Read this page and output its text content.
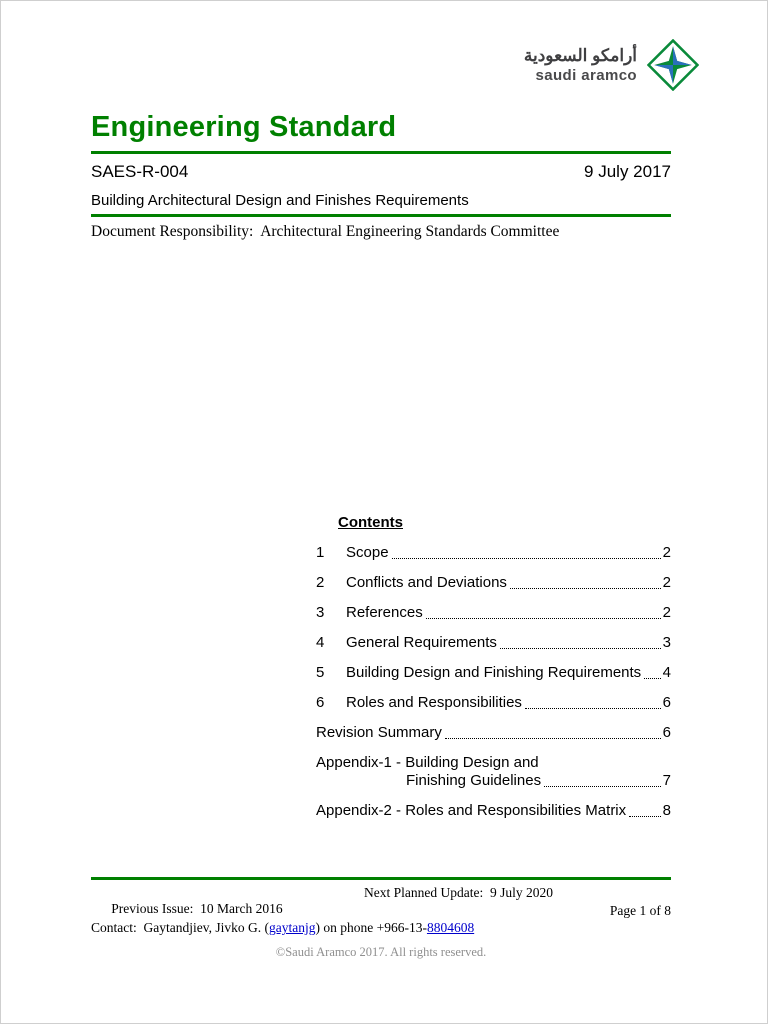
أرامكو السعودية
saudi aramco
Engineering Standard
SAES-R-004	9 July 2017
Building Architectural Design and Finishes Requirements
Document Responsibility:  Architectural Engineering Standards Committee
Contents
1	Scope	2
2	Conflicts and Deviations	2
3	References	2
4	General Requirements	3
5	Building Design and Finishing Requirements 4
6	Roles and Responsibilities	6
Revision Summary	6
Appendix-1 - Building Design and
Finishing Guidelines	7
Appendix-2 - Roles and Responsibilities Matrix 8

Previous Issue:  10 March 2016

Next Planned Update:  9 July 2020

Page 1 of 8
Contact:  Gaytandjiev, Jivko G. (gaytanjg) on phone +966-13-8804608
©Saudi Aramco 2017. All rights reserved.
